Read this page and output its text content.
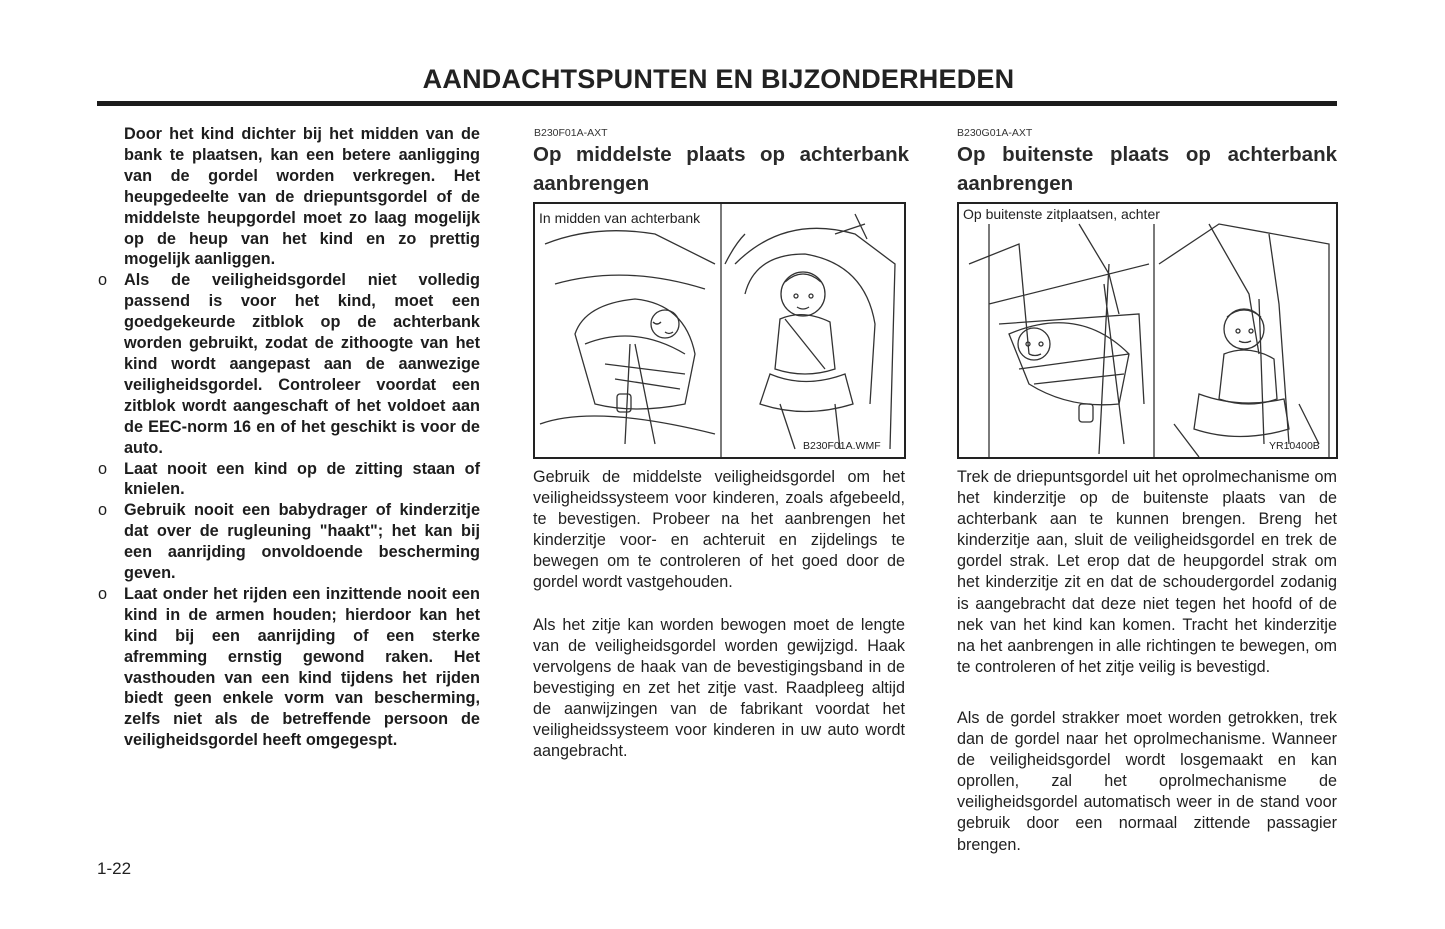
AANDACHTSPUNTEN EN BIJZONDERHEDEN

Door het kind dichter bij het midden van de bank te plaatsen, kan een betere aanligging van de gordel worden verkregen. Het heupgedeelte van de driepuntsgordel of de middelste heupgordel moet zo laag mogelijk op de heup van het kind en zo prettig mogelijk aanliggen.

o Als de veiligheidsgordel niet volledig passend is voor het kind, moet een goedgekeurde zitblok op de achterbank worden gebruikt, zodat de zithoogte van het kind wordt aangepast aan de aanwezige veiligheidsgordel. Controleer voordat een zitblok wordt aangeschaft of het voldoet aan de EEC-norm 16 en of het geschikt is voor de auto.
o Laat nooit een kind op de zitting staan of knielen.
o Gebruik nooit een babydrager of kinderzitje dat over de rugleuning "haakt"; het kan bij een aanrijding onvoldoende bescherming geven.
o Laat onder het rijden een inzittende nooit een kind in de armen houden; hierdoor kan het kind bij een aanrijding of een sterke afremming ernstig gewond raken. Het vasthouden van een kind tijdens het rijden biedt geen enkele vorm van bescherming, zelfs niet als de betreffende persoon de veiligheidsgordel heeft omgegespt.
B230F01A-AXT
Op middelste plaats op achterbank aanbrengen
In midden van achterbank
B230F01A.WMF

Gebruik de middelste veiligheidsgordel om het veiligheidssysteem voor kinderen, zoals afgebeeld, te bevestigen. Probeer na het aanbrengen het kinderzitje voor- en achteruit en zijdelings te bewegen om te controleren of het goed door de gordel wordt vastgehouden.

Als het zitje kan worden bewogen moet de lengte van de veiligheidsgordel worden gewijzigd. Haak vervolgens de haak van de bevestigingsband in de bevestiging en zet het zitje vast. Raadpleeg altijd de aanwijzingen van de fabrikant voordat het veiligheidssysteem voor kinderen in uw auto wordt aangebracht.

B230G01A-AXT
Op buitenste plaats op achterbank aanbrengen
Op buitenste zitplaatsen, achter
YR10400B

Trek de driepuntsgordel uit het oprolmechanisme om het kinderzitje op de buitenste plaats van de achterbank aan te kunnen brengen. Breng het kinderzitje aan, sluit de veiligheidsgordel en trek de gordel strak. Let erop dat de heupgordel strak om het kinderzitje zit en dat de schoudergordel zodanig is aangebracht dat deze niet tegen het hoofd of de nek van het kind kan komen. Tracht het kinderzitje na het aanbrengen in alle richtingen te bewegen, om te controleren of het zitje veilig is bevestigd.

Als de gordel strakker moet worden getrokken, trek dan de gordel naar het oprolmechanisme. Wanneer de veiligheidsgordel wordt losgemaakt en kan oprollen, zal het oprolmechanisme de veiligheidsgordel automatisch weer in de stand voor gebruik door een normaal zittende passagier brengen.

1-22
